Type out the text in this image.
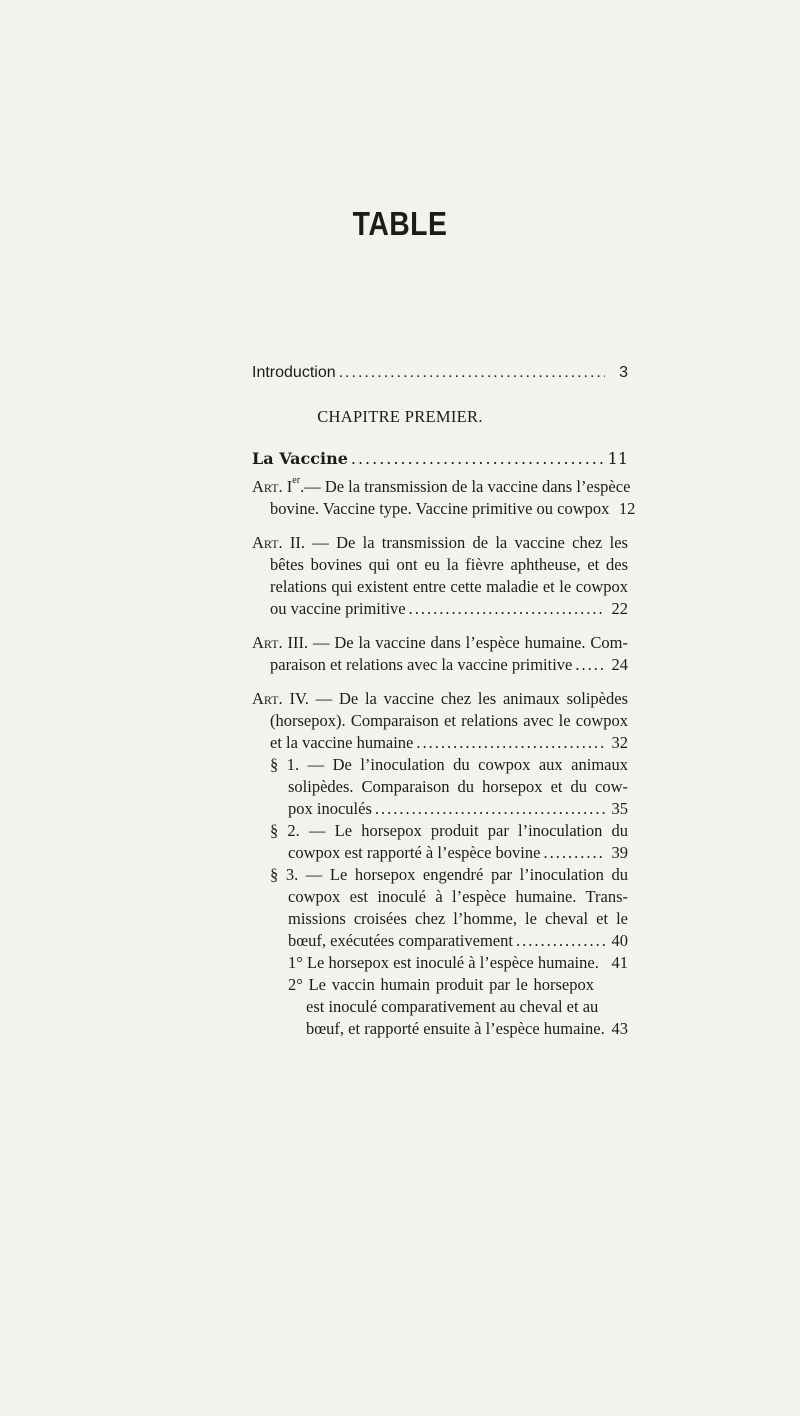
TABLE
Introduction .....	3
CHAPITRE PREMIER.
La Vaccine .....	11
Art. Ier.— De la transmission de la vaccine dans l’espèce
bovine. Vaccine type. Vaccine primitive ou cowpox 12
Art. II. — De la transmission de la vaccine chez les
bêtes bovines qui ont eu la fièvre aphtheuse, et des
relations qui existent entre cette maladie et le cowpox
ou vaccine primitive .....	22
Art. III. — De la vaccine dans l’espèce humaine. Com-
paraison et relations avec la vaccine primitive ..... 24
Art. IV. — De la vaccine chez les animaux solipèdes
(horsepox). Comparaison et relations avec le cowpox
et la vaccine humaine .....	32
§ 1. — De l’inoculation du cowpox aux animaux
solipèdes. Comparaison du horsepox et du cow-
pox inoculés .....	35
§ 2. — Le horsepox produit par l’inoculation du
cowpox est rapporté à l’espèce bovine .....	39
§ 3. — Le horsepox engendré par l’inoculation du
cowpox est inoculé à l’espèce humaine. Trans-
missions croisées chez l’homme, le cheval et le
bœuf, exécutées comparativement .....	40
1° Le horsepox est inoculé à l’espèce humaine. 41
2° Le vaccin humain produit par le horsepox
est inoculé comparativement au cheval et au
bœuf, et rapporté ensuite à l’espèce humaine. 43
